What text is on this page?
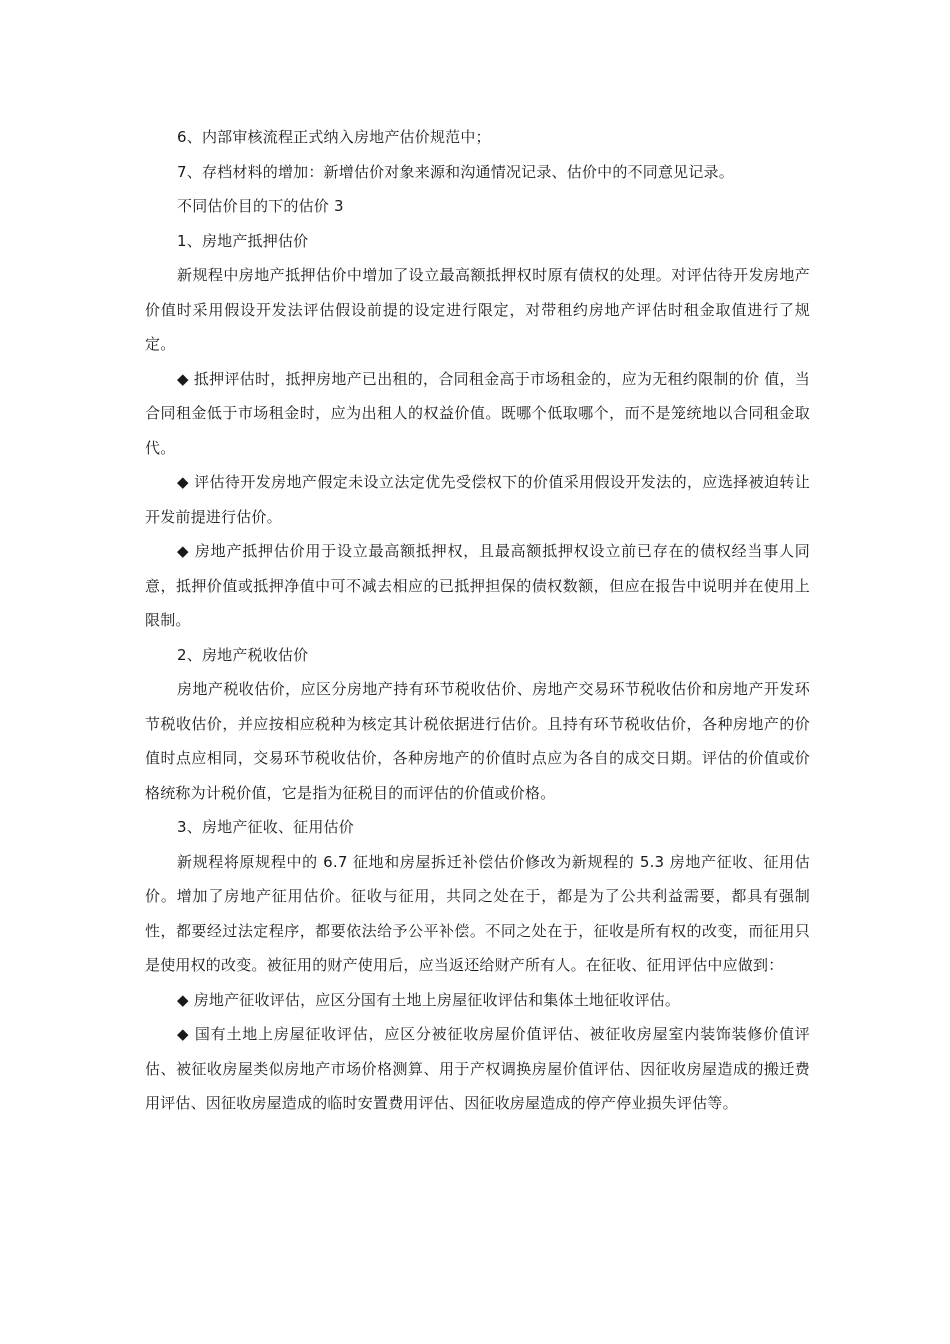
6、内部审核流程正式纳入房地产估价规范中；

7、存档材料的增加：新增估价对象来源和沟通情况记录、估价中的不同意见记录。

不同估价目的下的估价 3

1、房地产抵押估价

新规程中房地产抵押估价中增加了设立最高额抵押权时原有债权的处理。对评估待开发房地产价值时采用假设开发法评估假设前提的设定进行限定，对带租约房地产评估时租金取值进行了规定。

◆ 抵押评估时，抵押房地产已出租的，合同租金高于市场租金的，应为无租约限制的价 值，当合同租金低于市场租金时，应为出租人的权益价值。既哪个低取哪个，而不是笼统地以合同租金取代。

◆ 评估待开发房地产假定未设立法定优先受偿权下的价值采用假设开发法的，应选择被迫转让开发前提进行估价。

◆ 房地产抵押估价用于设立最高额抵押权，且最高额抵押权设立前已存在的债权经当事人同意，抵押价值或抵押净值中可不减去相应的已抵押担保的债权数额，但应在报告中说明并在使用上限制。

2、房地产税收估价

房地产税收估价，应区分房地产持有环节税收估价、房地产交易环节税收估价和房地产开发环节税收估价，并应按相应税种为核定其计税依据进行估价。且持有环节税收估价，各种房地产的价值时点应相同，交易环节税收估价，各种房地产的价值时点应为各自的成交日期。评估的价值或价格统称为计税价值，它是指为征税目的而评估的价值或价格。

3、房地产征收、征用估价

新规程将原规程中的 6.7 征地和房屋拆迁补偿估价修改为新规程的 5.3 房地产征收、征用估价。增加了房地产征用估价。征收与征用，共同之处在于，都是为了公共利益需要，都具有强制性，都要经过法定程序，都要依法给予公平补偿。不同之处在于，征收是所有权的改变，而征用只是使用权的改变。被征用的财产使用后，应当返还给财产所有人。在征收、征用评估中应做到：

◆ 房地产征收评估，应区分国有土地上房屋征收评估和集体土地征收评估。

◆ 国有土地上房屋征收评估，应区分被征收房屋价值评估、被征收房屋室内装饰装修价值评估、被征收房屋类似房地产市场价格测算、用于产权调换房屋价值评估、因征收房屋造成的搬迁费用评估、因征收房屋造成的临时安置费用评估、因征收房屋造成的停产停业损失评估等。
